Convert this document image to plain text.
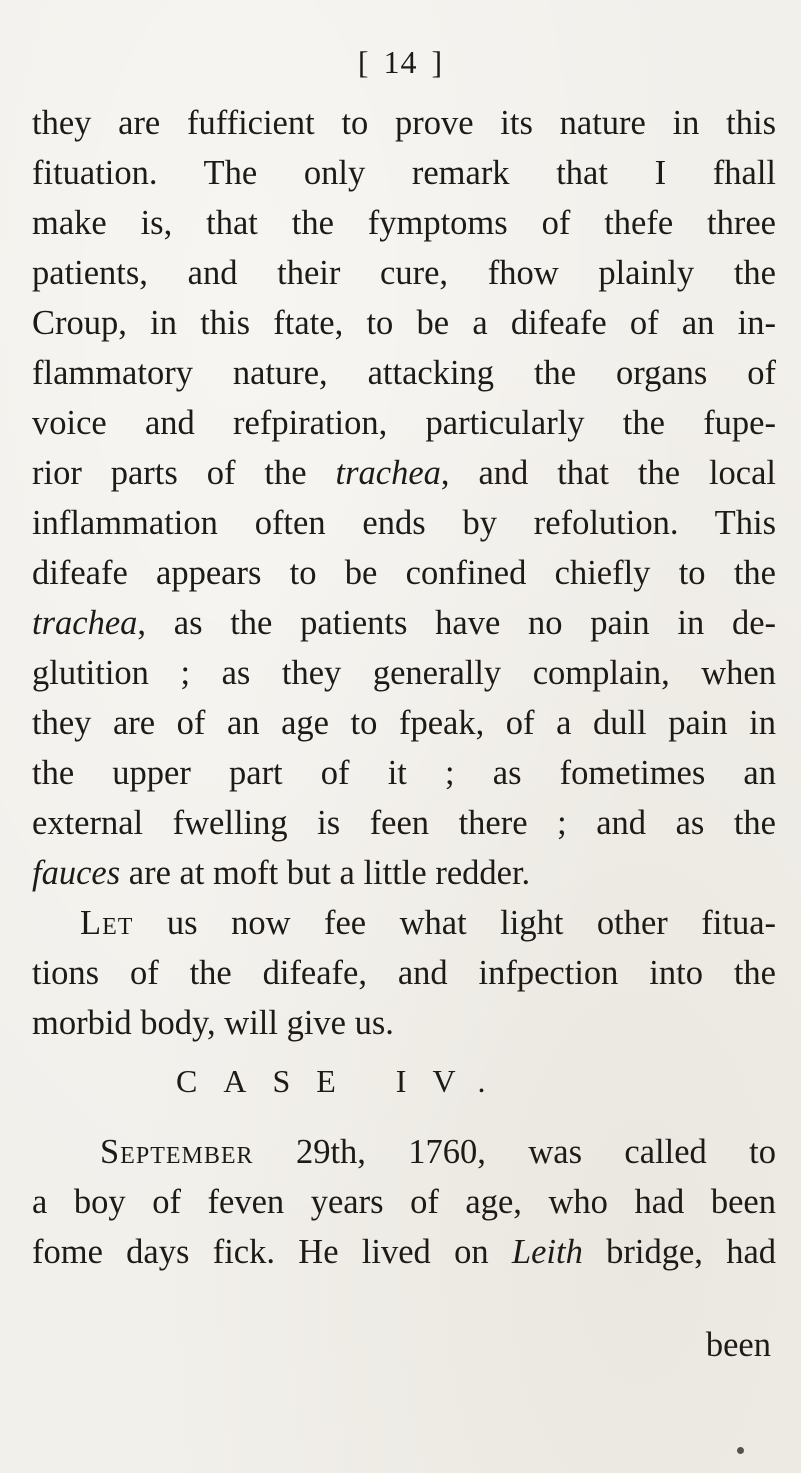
[ 14 ]
they are fufficient to prove its nature in this
fituation. The only remark that I fhall
make is, that the fymptoms of thefe three
patients, and their cure, fhow plainly the
Croup, in this ftate, to be a difeafe of an in-
flammatory nature, attacking the organs of
voice and refpiration, particularly the fupe-
rior parts of the trachea, and that the local
inflammation often ends by refolution. This
difeafe appears to be confined chiefly to the
trachea, as the patients have no pain in de-
glutition ; as they generally complain, when
they are of an age to fpeak, of a dull pain in
the upper part of it ; as fometimes an
external fwelling is feen there ; and as the
fauces are at moft but a little redder.
Let us now fee what light other fitua-
tions of the difeafe, and infpection into the
morbid body, will give us.
CASE IV.
September 29th, 1760, was called to
a boy of feven years of age, who had been
fome days fick. He lived on Leith bridge, had
been
